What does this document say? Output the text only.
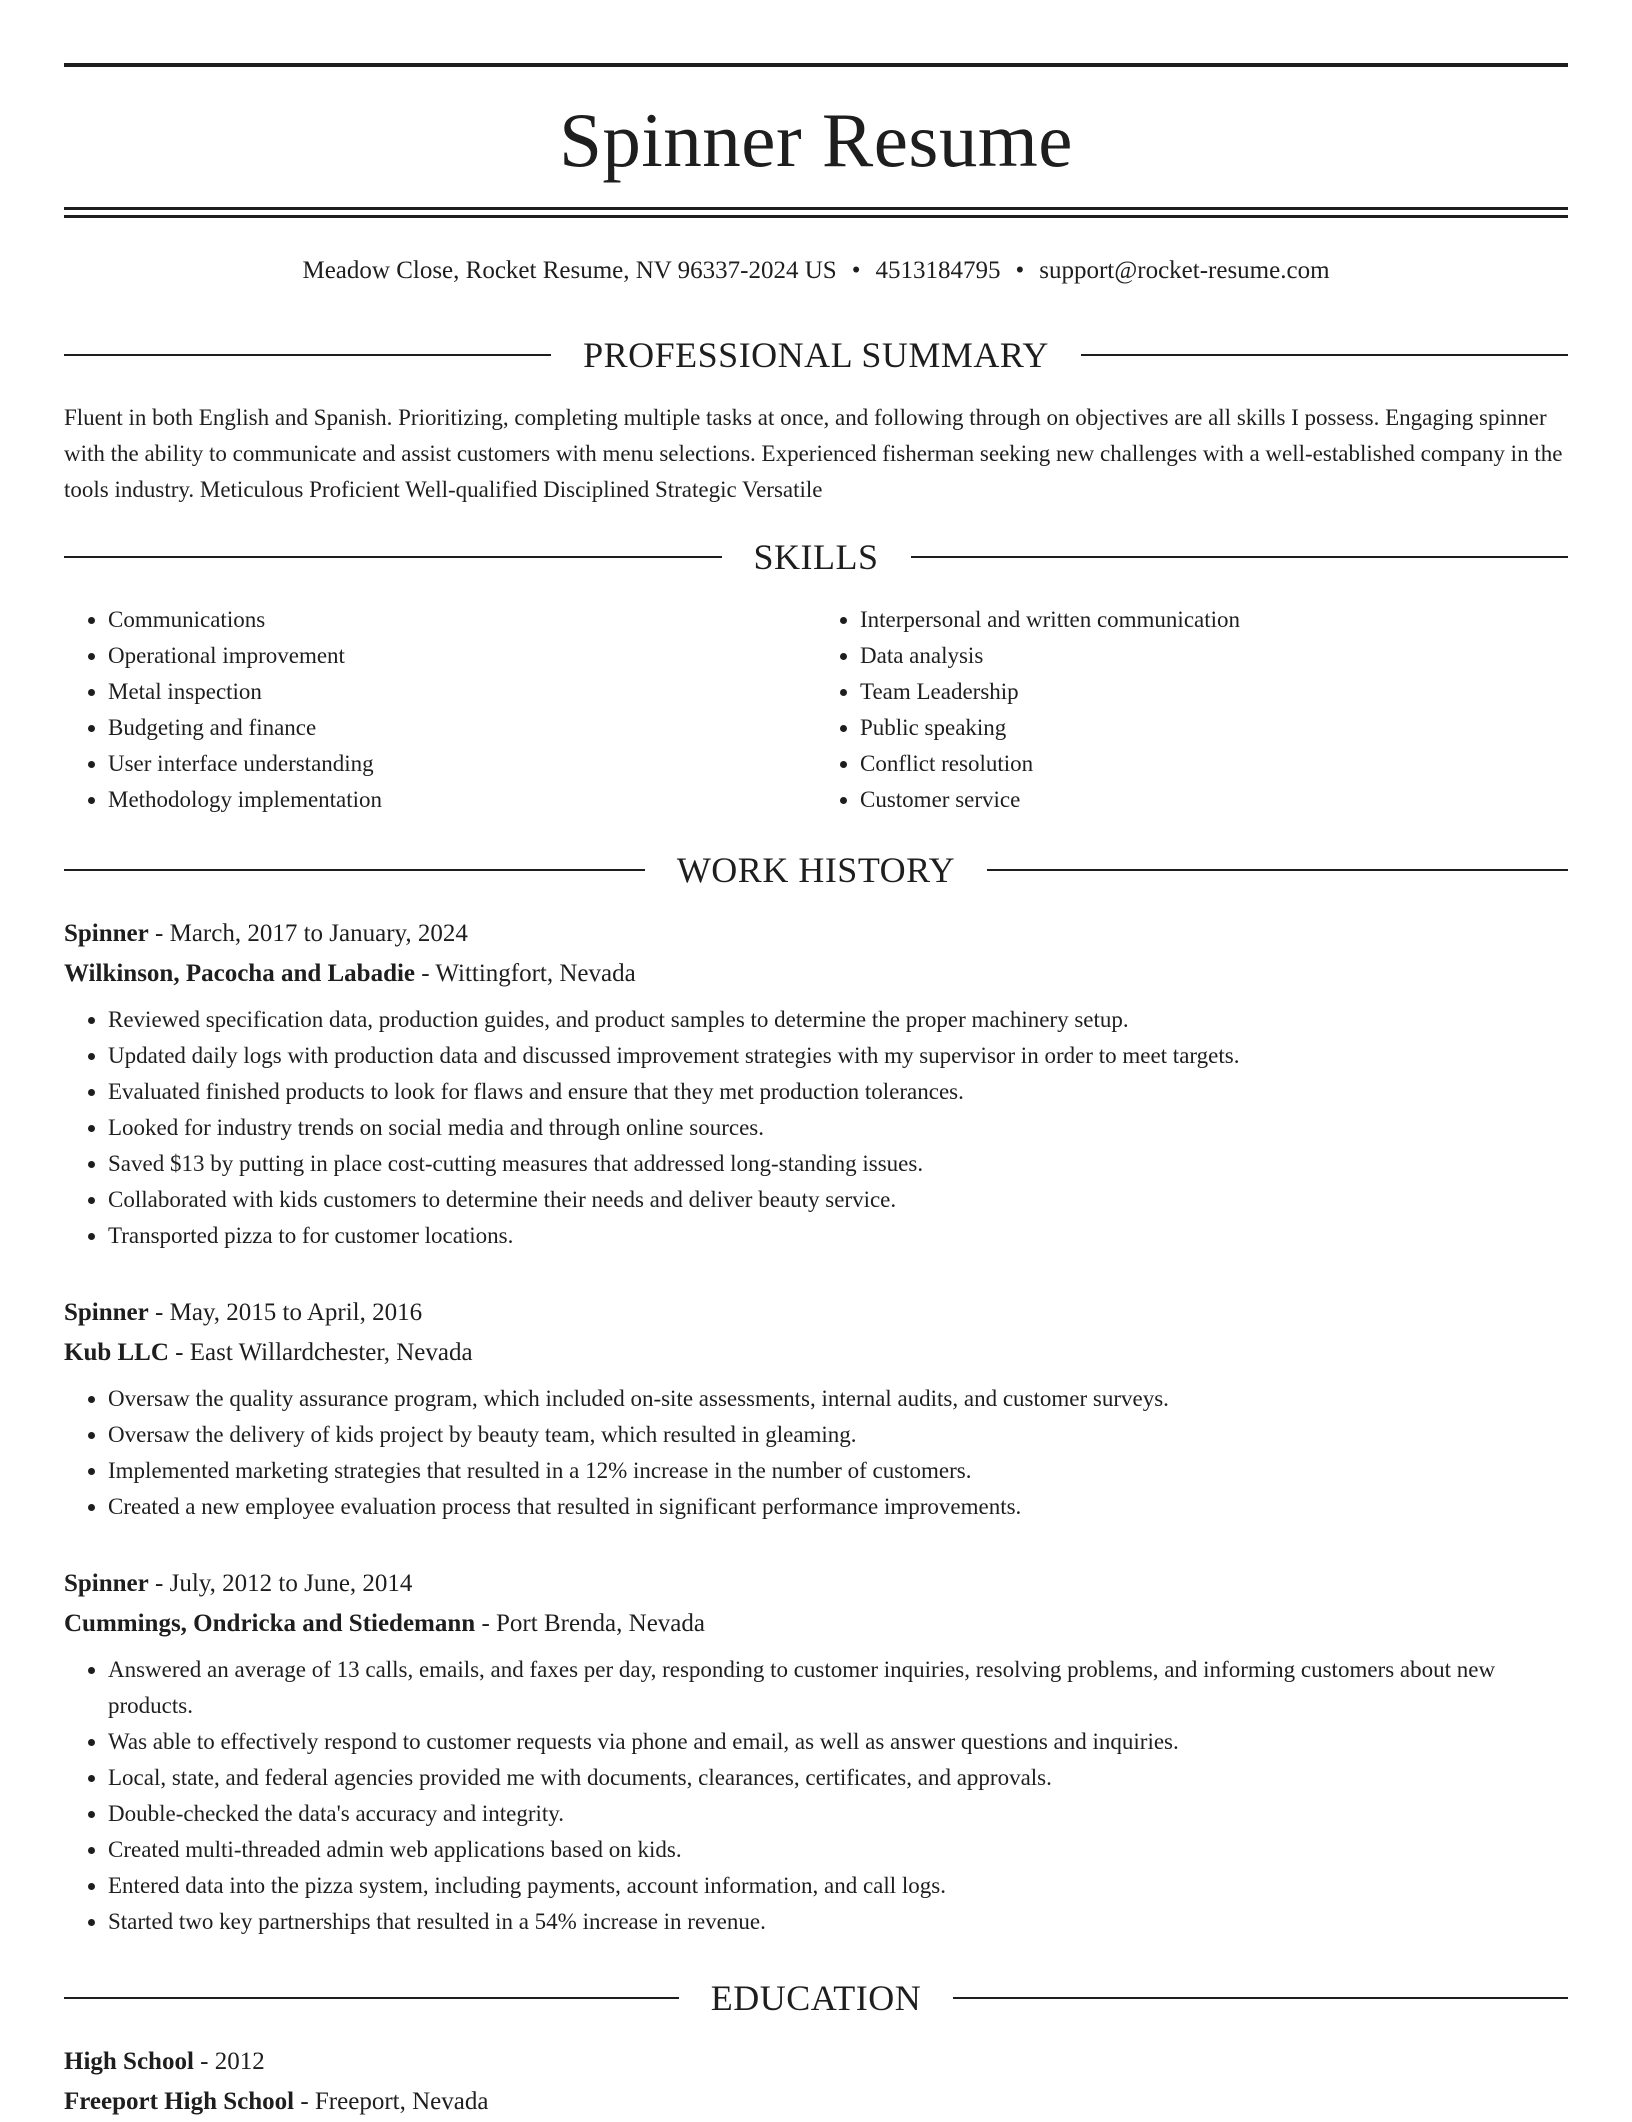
Spinner Resume
Meadow Close, Rocket Resume, NV 96337-2024 US • 4513184795 • support@rocket-resume.com
PROFESSIONAL SUMMARY

Fluent in both English and Spanish. Prioritizing, completing multiple tasks at once, and following through on objectives are all skills I possess. Engaging spinner with the ability to communicate and assist customers with menu selections. Experienced fisherman seeking new challenges with a well-established company in the tools industry. Meticulous Proficient Well-qualified Disciplined Strategic Versatile

SKILLS
• Communications
• Operational improvement
• Metal inspection
• Budgeting and finance
• User interface understanding
• Methodology implementation
• Interpersonal and written communication
• Data analysis
• Team Leadership
• Public speaking
• Conflict resolution
• Customer service
WORK HISTORY
Spinner - March, 2017 to January, 2024
Wilkinson, Pacocha and Labadie - Wittingfort, Nevada
• Reviewed specification data, production guides, and product samples to determine the proper machinery setup.
• Updated daily logs with production data and discussed improvement strategies with my supervisor in order to meet targets.
• Evaluated finished products to look for flaws and ensure that they met production tolerances.
• Looked for industry trends on social media and through online sources.
• Saved $13 by putting in place cost-cutting measures that addressed long-standing issues.
• Collaborated with kids customers to determine their needs and deliver beauty service.
• Transported pizza to for customer locations.
Spinner - May, 2015 to April, 2016
Kub LLC - East Willardchester, Nevada
• Oversaw the quality assurance program, which included on-site assessments, internal audits, and customer surveys.
• Oversaw the delivery of kids project by beauty team, which resulted in gleaming.
• Implemented marketing strategies that resulted in a 12% increase in the number of customers.
• Created a new employee evaluation process that resulted in significant performance improvements.
Spinner - July, 2012 to June, 2014
Cummings, Ondricka and Stiedemann - Port Brenda, Nevada
• Answered an average of 13 calls, emails, and faxes per day, responding to customer inquiries, resolving problems, and informing customers about new products.
• Was able to effectively respond to customer requests via phone and email, as well as answer questions and inquiries.
• Local, state, and federal agencies provided me with documents, clearances, certificates, and approvals.
• Double-checked the data's accuracy and integrity.
• Created multi-threaded admin web applications based on kids.
• Entered data into the pizza system, including payments, account information, and call logs.
• Started two key partnerships that resulted in a 54% increase in revenue.
EDUCATION
High School - 2012
Freeport High School - Freeport, Nevada
